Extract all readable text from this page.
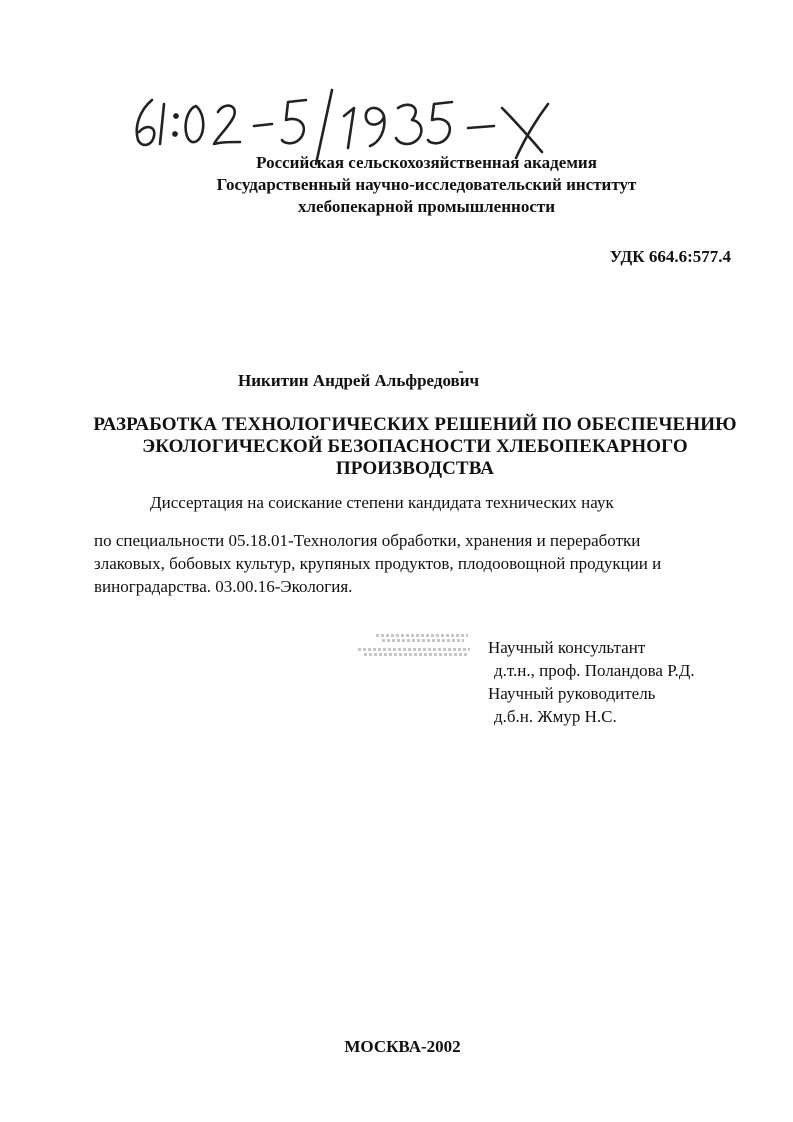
Российская сельскохозяйственная академия
Государственный научно-исследовательский институт
хлебопекарной промышленности
УДК 664.6:577.4
Никитин Андрей Альфредович
РАЗРАБОТКА ТЕХНОЛОГИЧЕСКИХ РЕШЕНИЙ ПО ОБЕСПЕЧЕНИЮ
ЭКОЛОГИЧЕСКОЙ БЕЗОПАСНОСТИ ХЛЕБОПЕКАРНОГО
ПРОИЗВОДСТВА
Диссертация на соискание степени кандидата технических наук
по специальности 05.18.01-Технология обработки, хранения и переработки
злаковых, бобовых культур, крупяных продуктов, плодоовощной продукции и
виноградарства. 03.00.16-Экология.
Научный консультант
д.т.н., проф. Поландова Р.Д.
Научный руководитель
д.б.н. Жмур Н.С.
МОСКВА-2002
